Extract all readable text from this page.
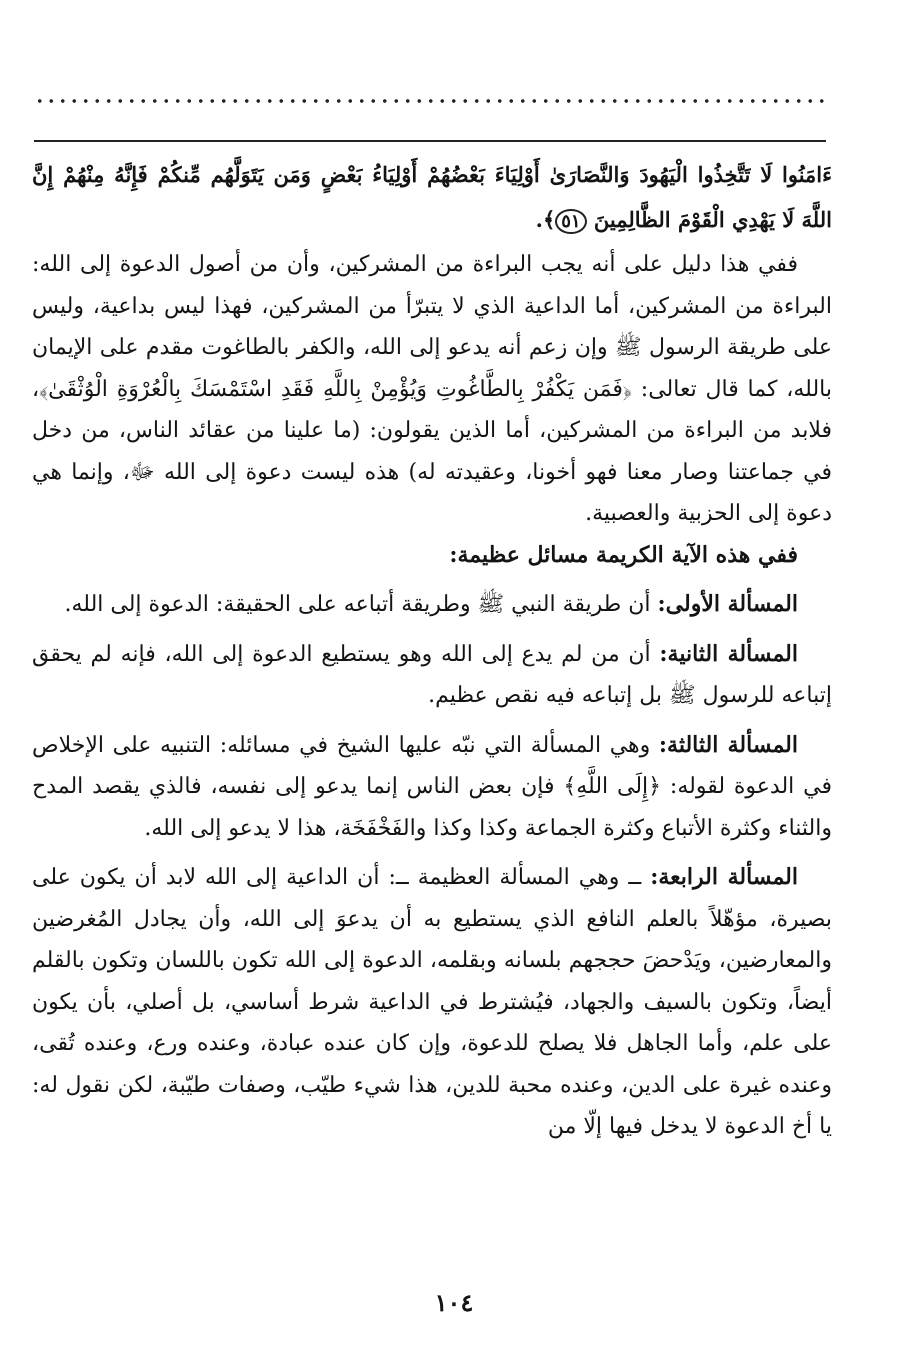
ءَامَنُوا لَا تَتَّخِذُوا الْيَهُودَ وَالنَّصَارَىٰ أَوْلِيَاءَ بَعْضُهُمْ أَوْلِيَاءُ بَعْضٍ وَمَن يَتَوَلَّهُم مِّنكُمْ فَإِنَّهُ مِنْهُمْ إِنَّ اللَّهَ لَا يَهْدِي الْقَوْمَ الظَّالِمِينَ ٥١﴾.

ففي هذا دليل على أنه يجب البراءة من المشركين، وأن من أصول الدعوة إلى الله: البراءة من المشركين، أما الداعية الذي لا يتبرّأ من المشركين، فهذا ليس بداعية، وليس على طريقة الرسول ﷺ وإن زعم أنه يدعو إلى الله، والكفر بالطاغوت مقدم على الإيمان بالله، كما قال تعالى: ﴿فَمَن يَكْفُرْ بِالطَّاغُوتِ وَيُؤْمِنْ بِاللَّهِ فَقَدِ اسْتَمْسَكَ بِالْعُرْوَةِ الْوُثْقَىٰ﴾، فلابد من البراءة من المشركين، أما الذين يقولون: (ما علينا من عقائد الناس، من دخل في جماعتنا وصار معنا فهو أخونا، وعقيدته له) هذه ليست دعوة إلى الله ﷻ، وإنما هي دعوة إلى الحزبية والعصبية.

ففي هذه الآية الكريمة مسائل عظيمة:

المسألة الأولى: أن طريقة النبي ﷺ وطريقة أتباعه على الحقيقة: الدعوة إلى الله.

المسألة الثانية: أن من لم يدع إلى الله وهو يستطيع الدعوة إلى الله، فإنه لم يحقق إتباعه للرسول ﷺ بل إتباعه فيه نقص عظيم.

المسألة الثالثة: وهي المسألة التي نبّه عليها الشيخ في مسائله: التنبيه على الإخلاص في الدعوة لقوله: ﴿إِلَى اللَّهِ﴾ فإن بعض الناس إنما يدعو إلى نفسه، فالذي يقصد المدح والثناء وكثرة الأتباع وكثرة الجماعة وكذا وكذا والفَخْفَخَة، هذا لا يدعو إلى الله.

المسألة الرابعة: ــ وهي المسألة العظيمة ــ: أن الداعية إلى الله لابد أن يكون على بصيرة، مؤهّلاً بالعلم النافع الذي يستطيع به أن يدعوَ إلى الله، وأن يجادل المُغرضين والمعارضين، ويَدْحضَ حججهم بلسانه وبقلمه، الدعوة إلى الله تكون باللسان وتكون بالقلم أيضاً، وتكون بالسيف والجهاد، فيُشترط في الداعية شرط أساسي، بل أصلي، بأن يكون على علم، وأما الجاهل فلا يصلح للدعوة، وإن كان عنده عبادة، وعنده ورع، وعنده تُقى، وعنده غيرة على الدين، وعنده محبة للدين، هذا شيء طيّب، وصفات طيّبة، لكن نقول له: يا أخ الدعوة لا يدخل فيها إلّا من

١٠٤
